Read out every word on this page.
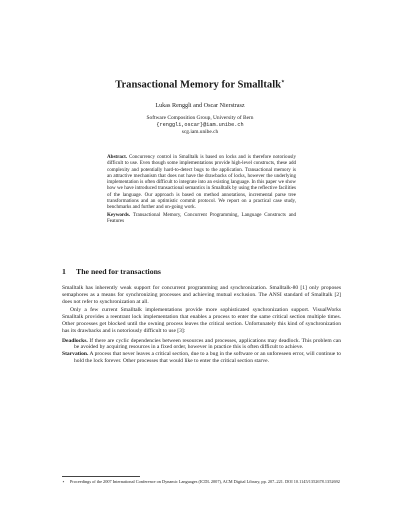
Transactional Memory for Smalltalk⋆
Lukas Renggli and Oscar Nierstrasz
Software Composition Group, University of Bern
{renggli,oscar}@iam.unibe.ch
scg.iam.unibe.ch
Abstract. Concurrency control in Smalltalk is based on locks and is therefore notoriously difficult to use. Even though some implementations provide high-level constructs, these add complexity and potentially hard-to-detect bugs to the application. Transactional memory is an attractive mechanism that does not have the drawbacks of locks, however the underlying implementation is often difficult to integrate into an existing language. In this paper we show how we have introduced transactional semantics in Smalltalk by using the reflective facilities of the language. Our approach is based on method annotations, incremental parse tree transformations and an optimistic commit protocol. We report on a practical case study, benchmarks and further and on-going work.
Keywords. Transactional Memory, Concurrent Programming, Language Constructs and Features
1 The need for transactions

Smalltalk has inherently weak support for concurrent programming and synchronization. Smalltalk-80 [1] only proposes semaphores as a means for synchronizing processes and achieving mutual exclusion. The ANSI standard of Smalltalk [2] does not refer to synchronization at all.

Only a few current Smalltalk implementations provide more sophisticated synchronization support. VisualWorks Smalltalk provides a reentrant lock implementation that enables a process to enter the same critical section multiple times. Other processes get blocked until the owning process leaves the critical section. Unfortunately this kind of synchronization has its drawbacks and is notoriously difficult to use [3]:

Deadlocks. If there are cyclic dependencies between resources and processes, applications may deadlock. This problem can be avoided by acquiring resources in a fixed order, however in practice this is often difficult to achieve.

Starvation. A process that never leaves a critical section, due to a bug in the software or an unforeseen error, will continue to hold the lock forever. Other processes that would like to enter the critical section starve.

⋆ Proceedings of the 2007 International Conference on Dynamic Languages (ICDL 2007), ACM Digital Library, pp. 207–221. DOI 10.1145/1352678.1352692
